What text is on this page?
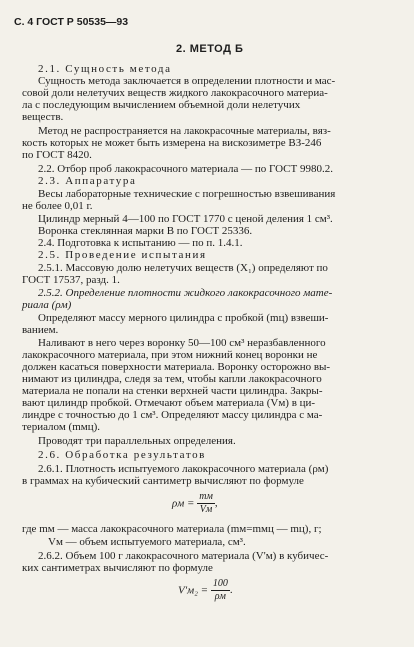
С. 4 ГОСТ Р 50535—93
2. МЕТОД Б
2.1. Сущность метода
Сущность метода заключается в определении плотности и мас-
совой доли нелетучих веществ жидкого лакокрасочного материа-
ла с последующим вычислением объемной доли нелетучих
веществ.
Метод не распространяется на лакокрасочные материалы, вяз-
кость которых не может быть измерена на вискозиметре ВЗ-246
по ГОСТ 8420.
2.2. Отбор проб лакокрасочного материала — по ГОСТ 9980.2.
2.3. Аппаратура
Весы лабораторные технические с погрешностью взвешивания
не более 0,01 г.
Цилиндр мерный 4—100 по ГОСТ 1770 с ценой деления 1 см³.
Воронка стеклянная марки В по ГОСТ 25336.
2.4. Подготовка к испытанию — по п. 1.4.1.
2.5. Проведение испытания
2.5.1. Массовую долю нелетучих веществ (X₁) определяют по
ГОСТ 17537, разд. 1.
2.5.2. Определение плотности жидкого лакокрасочного мате-
риала (ρм)
Определяют массу мерного цилиндра с пробкой (mц) взвеши-
ванием.
Наливают в него через воронку 50—100 см³ неразбавленного
лакокрасочного материала, при этом нижний конец воронки не
должен касаться поверхности материала. Воронку осторожно вы-
нимают из цилиндра, следя за тем, чтобы капли лакокрасочного
материала не попали на стенки верхней части цилиндра. Закры-
вают цилиндр пробкой. Отмечают объем материала (Vм) в ци-
линдре с точностью до 1 см³. Определяют массу цилиндра с ма-
териалом (mмц).
Проводят три параллельных определения.
2.6. Обработка результатов
2.6.1. Плотность испытуемого лакокрасочного материала (ρм)
в граммах на кубический сантиметр вычисляют по формуле
$\rho м = \frac{mм}{Vм}$ ,
где mм — масса лакокрасочного материала (mм=mмц — mц), г;
Vм — объем испытуемого материала, см³.
2.6.2. Объем 100 г лакокрасочного материала (V'м) в кубичес-
ких сантиметрах вычисляют по формуле
$V'м_2 = \frac{100}{\rho м}$ .
